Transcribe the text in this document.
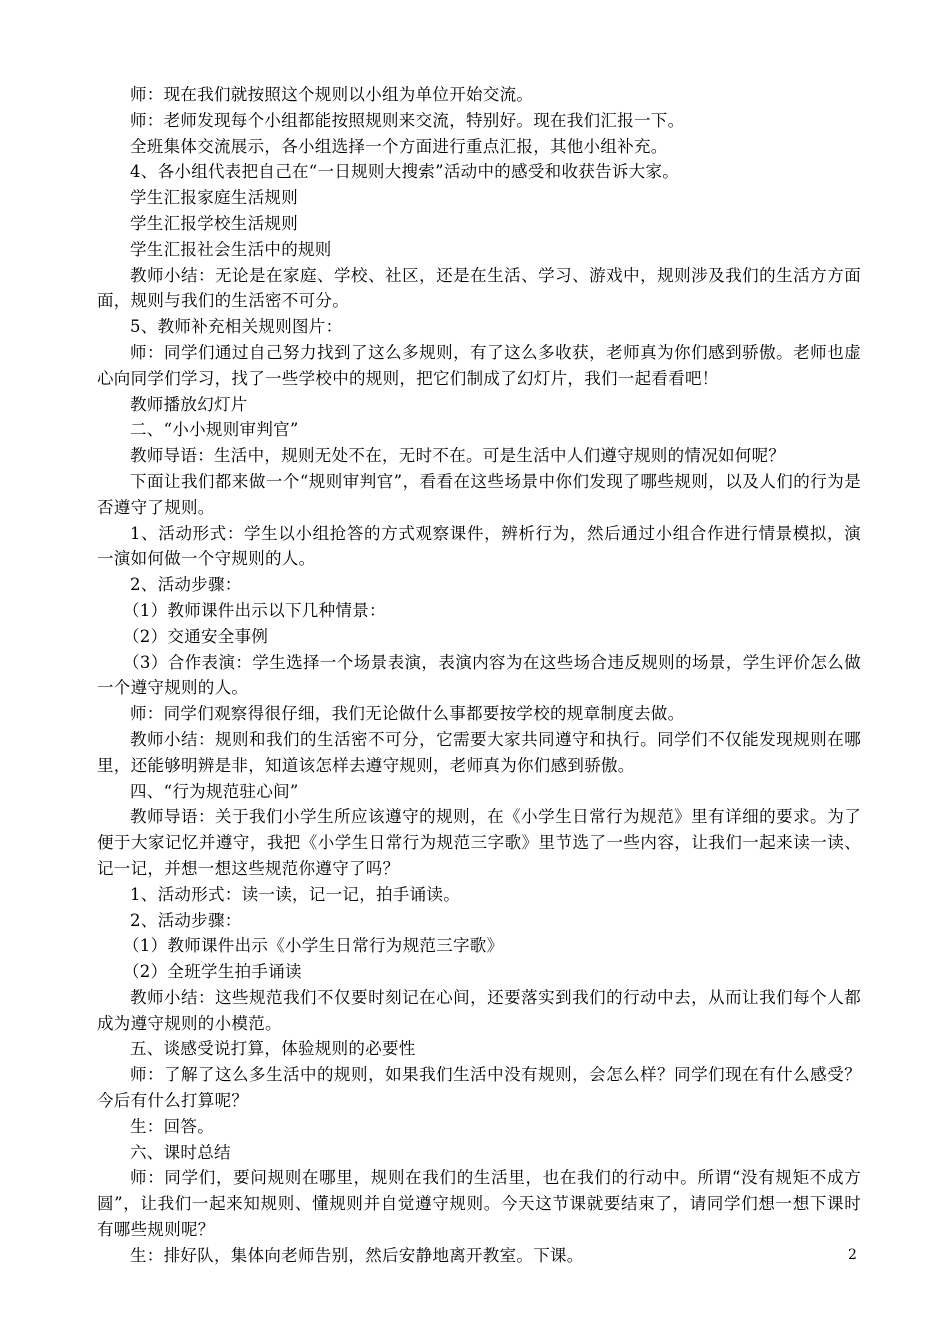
师：现在我们就按照这个规则以小组为单位开始交流。

师：老师发现每个小组都能按照规则来交流，特别好。现在我们汇报一下。

全班集体交流展示，各小组选择一个方面进行重点汇报，其他小组补充。

4、各小组代表把自己在“一日规则大搜索”活动中的感受和收获告诉大家。

学生汇报家庭生活规则

学生汇报学校生活规则

学生汇报社会生活中的规则

教师小结：无论是在家庭、学校、社区，还是在生活、学习、游戏中，规则涉及我们的生活方方面面，规则与我们的生活密不可分。

5、教师补充相关规则图片：

师：同学们通过自己努力找到了这么多规则，有了这么多收获，老师真为你们感到骄傲。老师也虚心向同学们学习，找了一些学校中的规则，把它们制成了幻灯片，我们一起看看吧！

教师播放幻灯片

二、“小小规则审判官”

教师导语：生活中，规则无处不在，无时不在。可是生活中人们遵守规则的情况如何呢？

下面让我们都来做一个“规则审判官”，看看在这些场景中你们发现了哪些规则，以及人们的行为是否遵守了规则。

1、活动形式：学生以小组抢答的方式观察课件，辨析行为，然后通过小组合作进行情景模拟，演一演如何做一个守规则的人。

2、活动步骤：

（1）教师课件出示以下几种情景：

（2）交通安全事例

（3）合作表演：学生选择一个场景表演，表演内容为在这些场合违反规则的场景，学生评价怎么做一个遵守规则的人。

师：同学们观察得很仔细，我们无论做什么事都要按学校的规章制度去做。

教师小结：规则和我们的生活密不可分，它需要大家共同遵守和执行。同学们不仅能发现规则在哪里，还能够明辨是非，知道该怎样去遵守规则，老师真为你们感到骄傲。

四、“行为规范驻心间”

教师导语：关于我们小学生所应该遵守的规则，在《小学生日常行为规范》里有详细的要求。为了便于大家记忆并遵守，我把《小学生日常行为规范三字歌》里节选了一些内容，让我们一起来读一读、记一记，并想一想这些规范你遵守了吗？

1、活动形式：读一读，记一记，拍手诵读。

2、活动步骤：

（1）教师课件出示《小学生日常行为规范三字歌》

（2）全班学生拍手诵读

教师小结：这些规范我们不仅要时刻记在心间，还要落实到我们的行动中去，从而让我们每个人都成为遵守规则的小模范。

五、谈感受说打算，体验规则的必要性

师：了解了这么多生活中的规则，如果我们生活中没有规则，会怎么样？同学们现在有什么感受？今后有什么打算呢？

生：回答。

六、课时总结

师：同学们，要问规则在哪里，规则在我们的生活里，也在我们的行动中。所谓“没有规矩不成方圆”，让我们一起来知规则、懂规则并自觉遵守规则。今天这节课就要结束了，请同学们想一想下课时有哪些规则呢？

生：排好队，集体向老师告别，然后安静地离开教室。下课。	2
